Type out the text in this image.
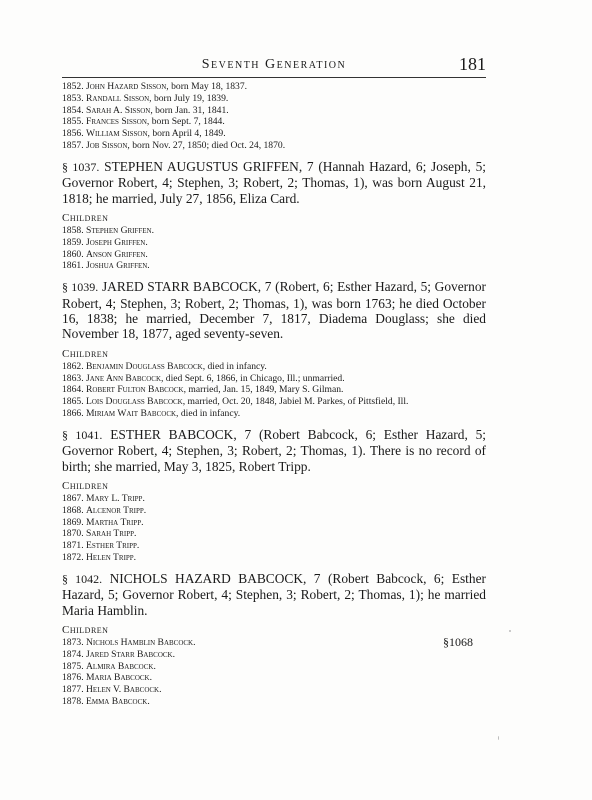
Seventh Generation	181
1852. John Hazard Sisson, born May 18, 1837.
1853. Randall Sisson, born July 19, 1839.
1854. Sarah A. Sisson, born Jan. 31, 1841.
1855. Frances Sisson, born Sept. 7, 1844.
1856. William Sisson, born April 4, 1849.
1857. Job Sisson, born Nov. 27, 1850; died Oct. 24, 1870.

§ 1037. STEPHEN AUGUSTUS GRIFFEN, 7 (Hannah Hazard, 6; Joseph, 5; Governor Robert, 4; Stephen, 3; Robert, 2; Thomas, 1), was born August 21, 1818; he married, July 27, 1856, Eliza Card.

Children
1858. Stephen Griffen.
1859. Joseph Griffen.
1860. Anson Griffen.
1861. Joshua Griffen.

§ 1039. JARED STARR BABCOCK, 7 (Robert, 6; Esther Hazard, 5; Governor Robert, 4; Stephen, 3; Robert, 2; Thomas, 1), was born 1763; he died October 16, 1838; he married, December 7, 1817, Diadema Douglass; she died November 18, 1877, aged seventy-seven.

Children
1862. Benjamin Douglass Babcock, died in infancy.
1863. Jane Ann Babcock, died Sept. 6, 1866, in Chicago, Ill.; unmarried.
1864. Robert Fulton Babcock, married, Jan. 15, 1849, Mary S. Gilman.
1865. Lois Douglass Babcock, married, Oct. 20, 1848, Jabiel M. Parkes, of Pittsfield, Ill.
1866. Miriam Wait Babcock, died in infancy.

§ 1041. ESTHER BABCOCK, 7 (Robert Babcock, 6; Esther Hazard, 5; Governor Robert, 4; Stephen, 3; Robert, 2; Thomas, 1). There is no record of birth; she married, May 3, 1825, Robert Tripp.

Children
1867. Mary L. Tripp.
1868. Alcenor Tripp.
1869. Martha Tripp.
1870. Sarah Tripp.
1871. Esther Tripp.
1872. Helen Tripp.

§ 1042. NICHOLS HAZARD BABCOCK, 7 (Robert Babcock, 6; Esther Hazard, 5; Governor Robert, 4; Stephen, 3; Robert, 2; Thomas, 1); he married Maria Hamblin.

Children
1873. Nichols Hamblin Babcock.
1874. Jared Starr Babcock.
1875. Almira Babcock.
1876. Maria Babcock.
1877. Helen V. Babcock.
1878. Emma Babcock.
§1068
